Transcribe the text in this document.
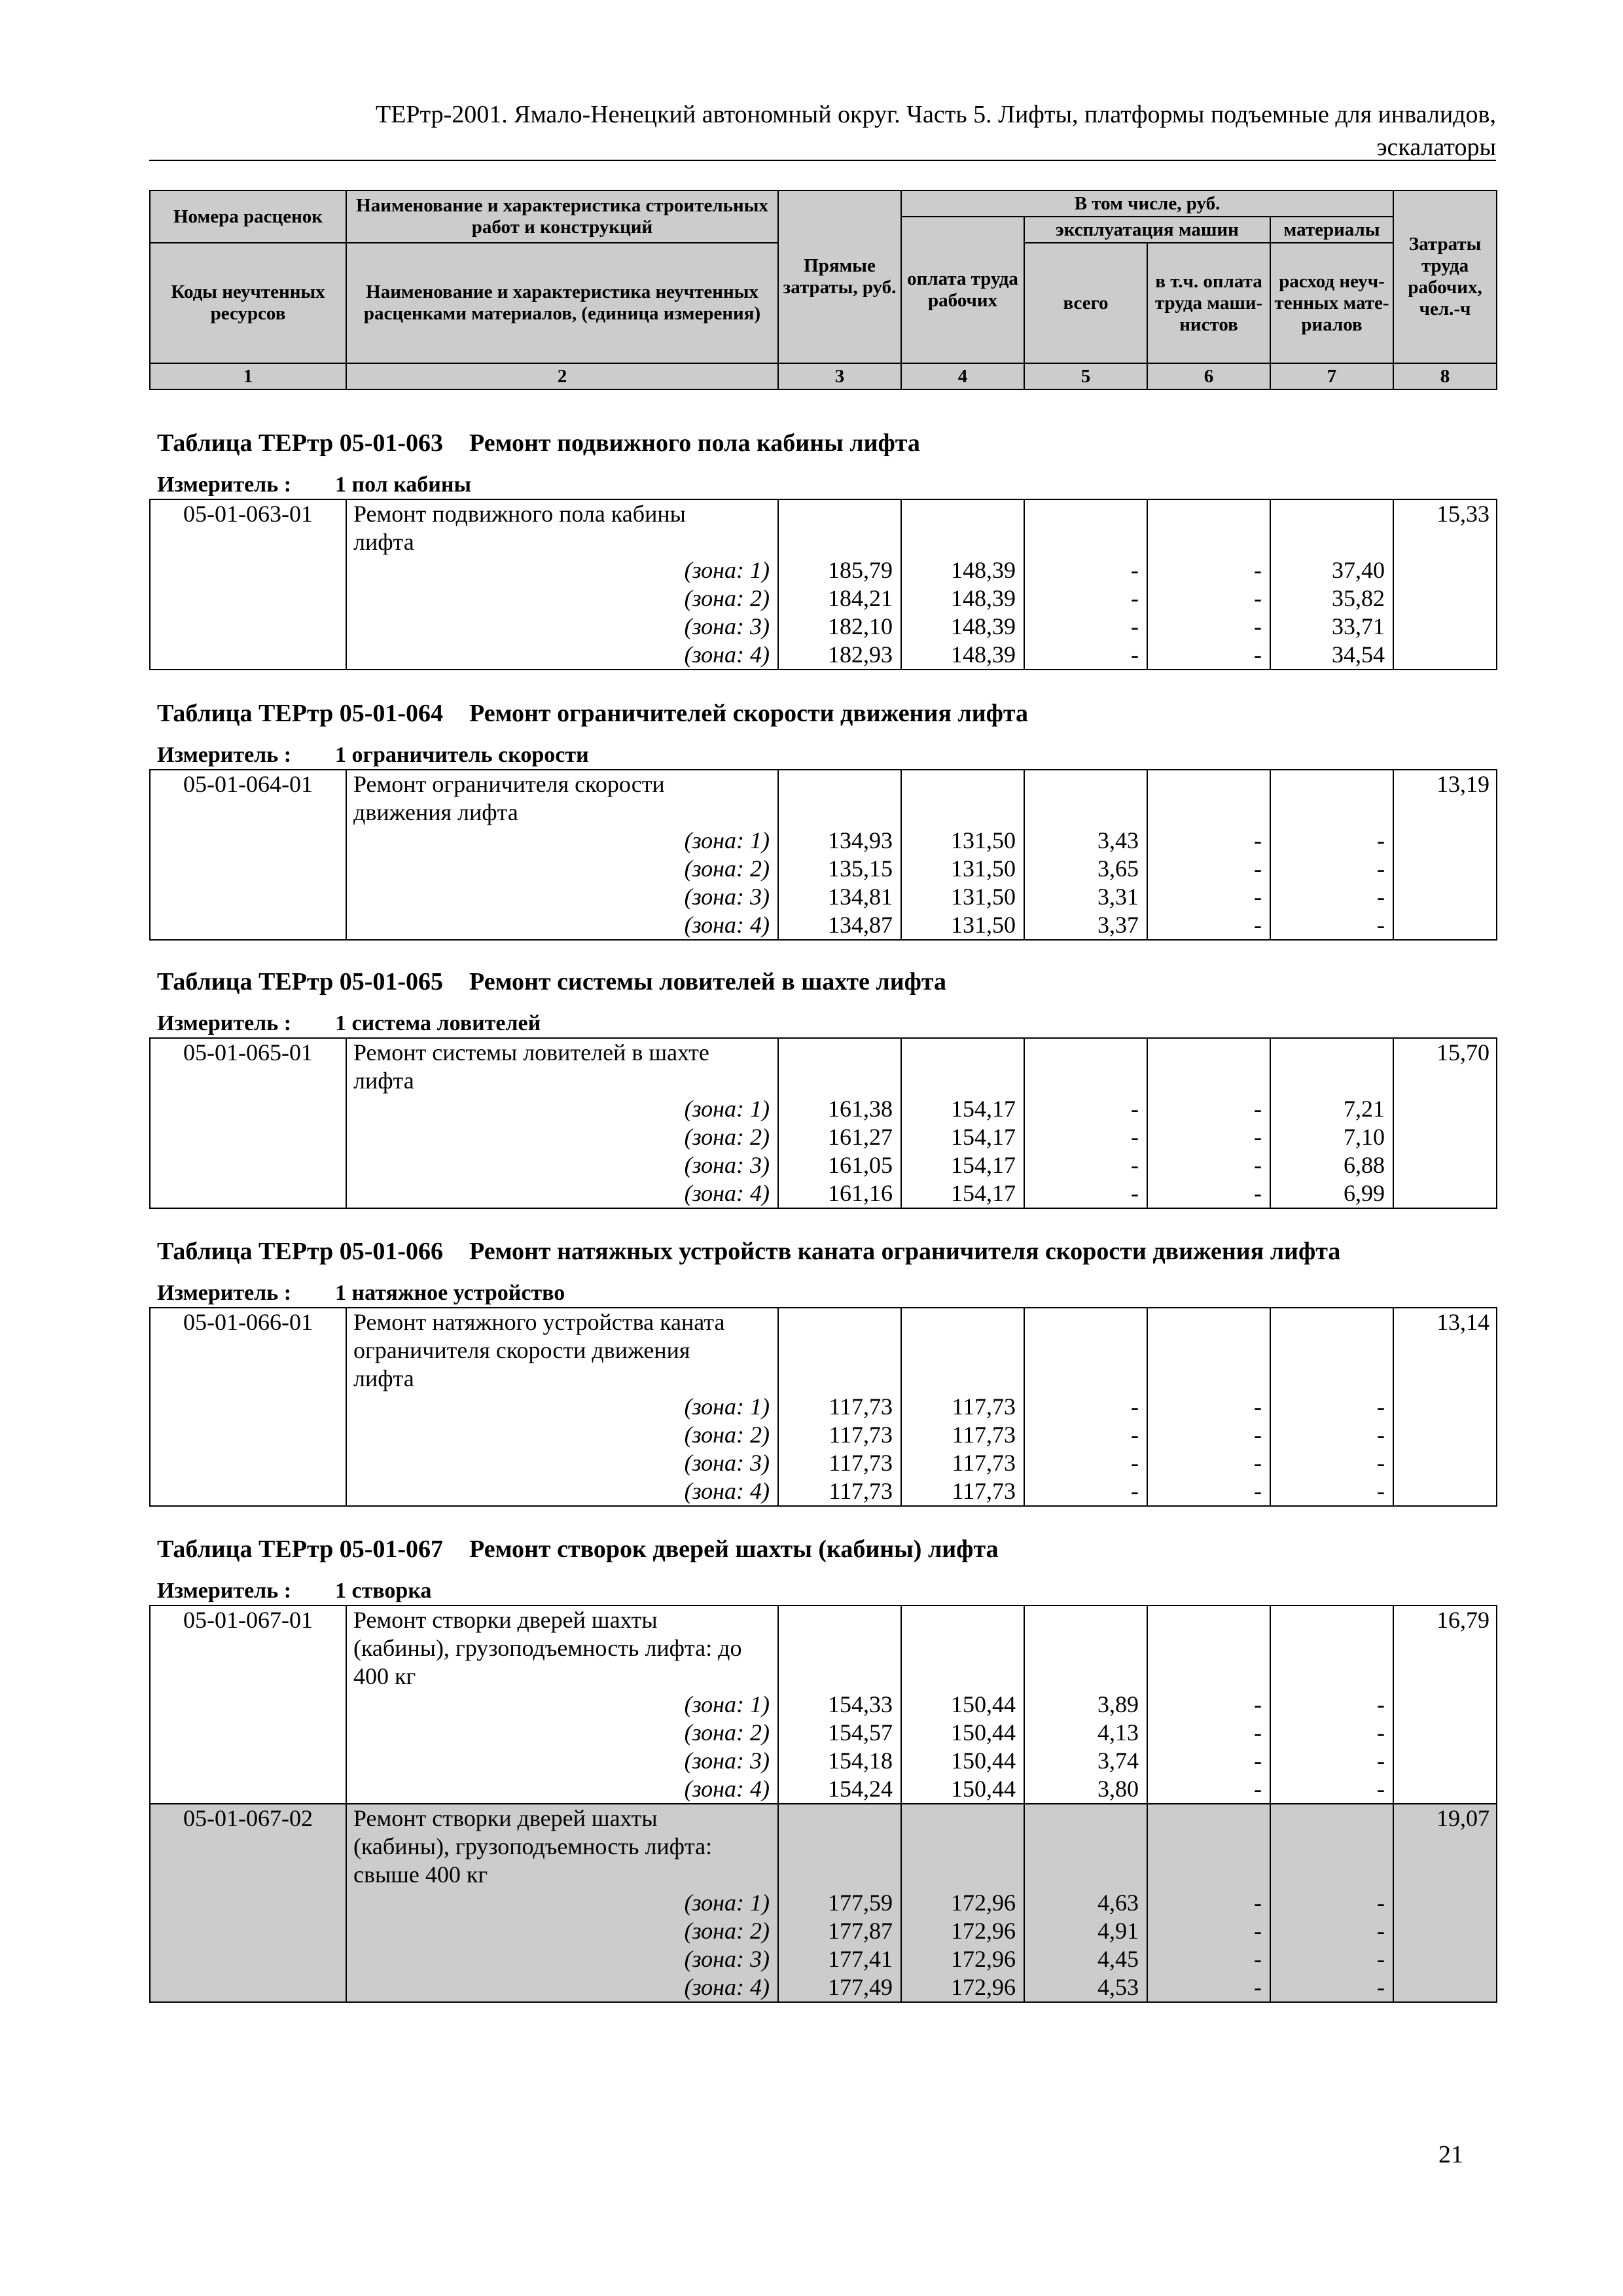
ТЕРтр-2001. Ямало-Ненецкий автономный округ. Часть 5. Лифты, платформы подъемные для инвалидов,
эскалаторы
Номера расценок	Наименование и характеристика строительных работ и конструкций	Прямые затраты, руб.	В том числе, руб.				Затраты труда рабочих, чел.-ч
			оплата труда рабочих	эксплуатация машин		материалы	
Коды неучтенных ресурсов	Наименование и характеристика неучтенных расценками материалов, (единица измерения)			всего	в т.ч. оплата труда маши-нистов	расход неуч-тенных мате-риалов	

1	2	3	4	5	6	7	8
Таблица ТЕРтр 05-01-063 Ремонт подвижного пола кабины лифта
Измеритель : 1 пол кабины
05-01-063-01	Ремонт подвижного пола кабины						15,33
	лифта						
	(зона: 1)	185,79	148,39	-	-	37,40	
	(зона: 2)	184,21	148,39	-	-	35,82	
	(зона: 3)	182,10	148,39	-	-	33,71	
	(зона: 4)	182,93	148,39	-	-	34,54	
Таблица ТЕРтр 05-01-064 Ремонт ограничителей скорости движения лифта
Измеритель : 1 ограничитель скорости
05-01-064-01	Ремонт ограничителя скорости						13,19
	движения лифта						
	(зона: 1)	134,93	131,50	3,43	-	-	
	(зона: 2)	135,15	131,50	3,65	-	-	
	(зона: 3)	134,81	131,50	3,31	-	-	
	(зона: 4)	134,87	131,50	3,37	-	-	
Таблица ТЕРтр 05-01-065 Ремонт системы ловителей в шахте лифта
Измеритель : 1 система ловителей
05-01-065-01	Ремонт системы ловителей в шахте						15,70
	лифта						
	(зона: 1)	161,38	154,17	-	-	7,21	
	(зона: 2)	161,27	154,17	-	-	7,10	
	(зона: 3)	161,05	154,17	-	-	6,88	
	(зона: 4)	161,16	154,17	-	-	6,99	
Таблица ТЕРтр 05-01-066 Ремонт натяжных устройств каната ограничителя скорости движения лифта
Измеритель : 1 натяжное устройство
05-01-066-01	Ремонт натяжного устройства каната						13,14
	ограничителя скорости движения						
	лифта						
	(зона: 1)	117,73	117,73	-	-	-	
	(зона: 2)	117,73	117,73	-	-	-	
	(зона: 3)	117,73	117,73	-	-	-	
	(зона: 4)	117,73	117,73	-	-	-	
Таблица ТЕРтр 05-01-067 Ремонт створок дверей шахты (кабины) лифта
Измеритель : 1 створка
05-01-067-01	Ремонт створки дверей шахты						16,79
	(кабины), грузоподъемность лифта: до						
	400 кг						
	(зона: 1)	154,33	150,44	3,89	-	-	
	(зона: 2)	154,57	150,44	4,13	-	-	
	(зона: 3)	154,18	150,44	3,74	-	-	
	(зона: 4)	154,24	150,44	3,80	-	-	
05-01-067-02	Ремонт створки дверей шахты						19,07
	(кабины), грузоподъемность лифта:						
	свыше 400 кг						
	(зона: 1)	177,59	172,96	4,63	-	-	
	(зона: 2)	177,87	172,96	4,91	-	-	
	(зона: 3)	177,41	172,96	4,45	-	-	
	(зона: 4)	177,49	172,96	4,53	-	-	
21
